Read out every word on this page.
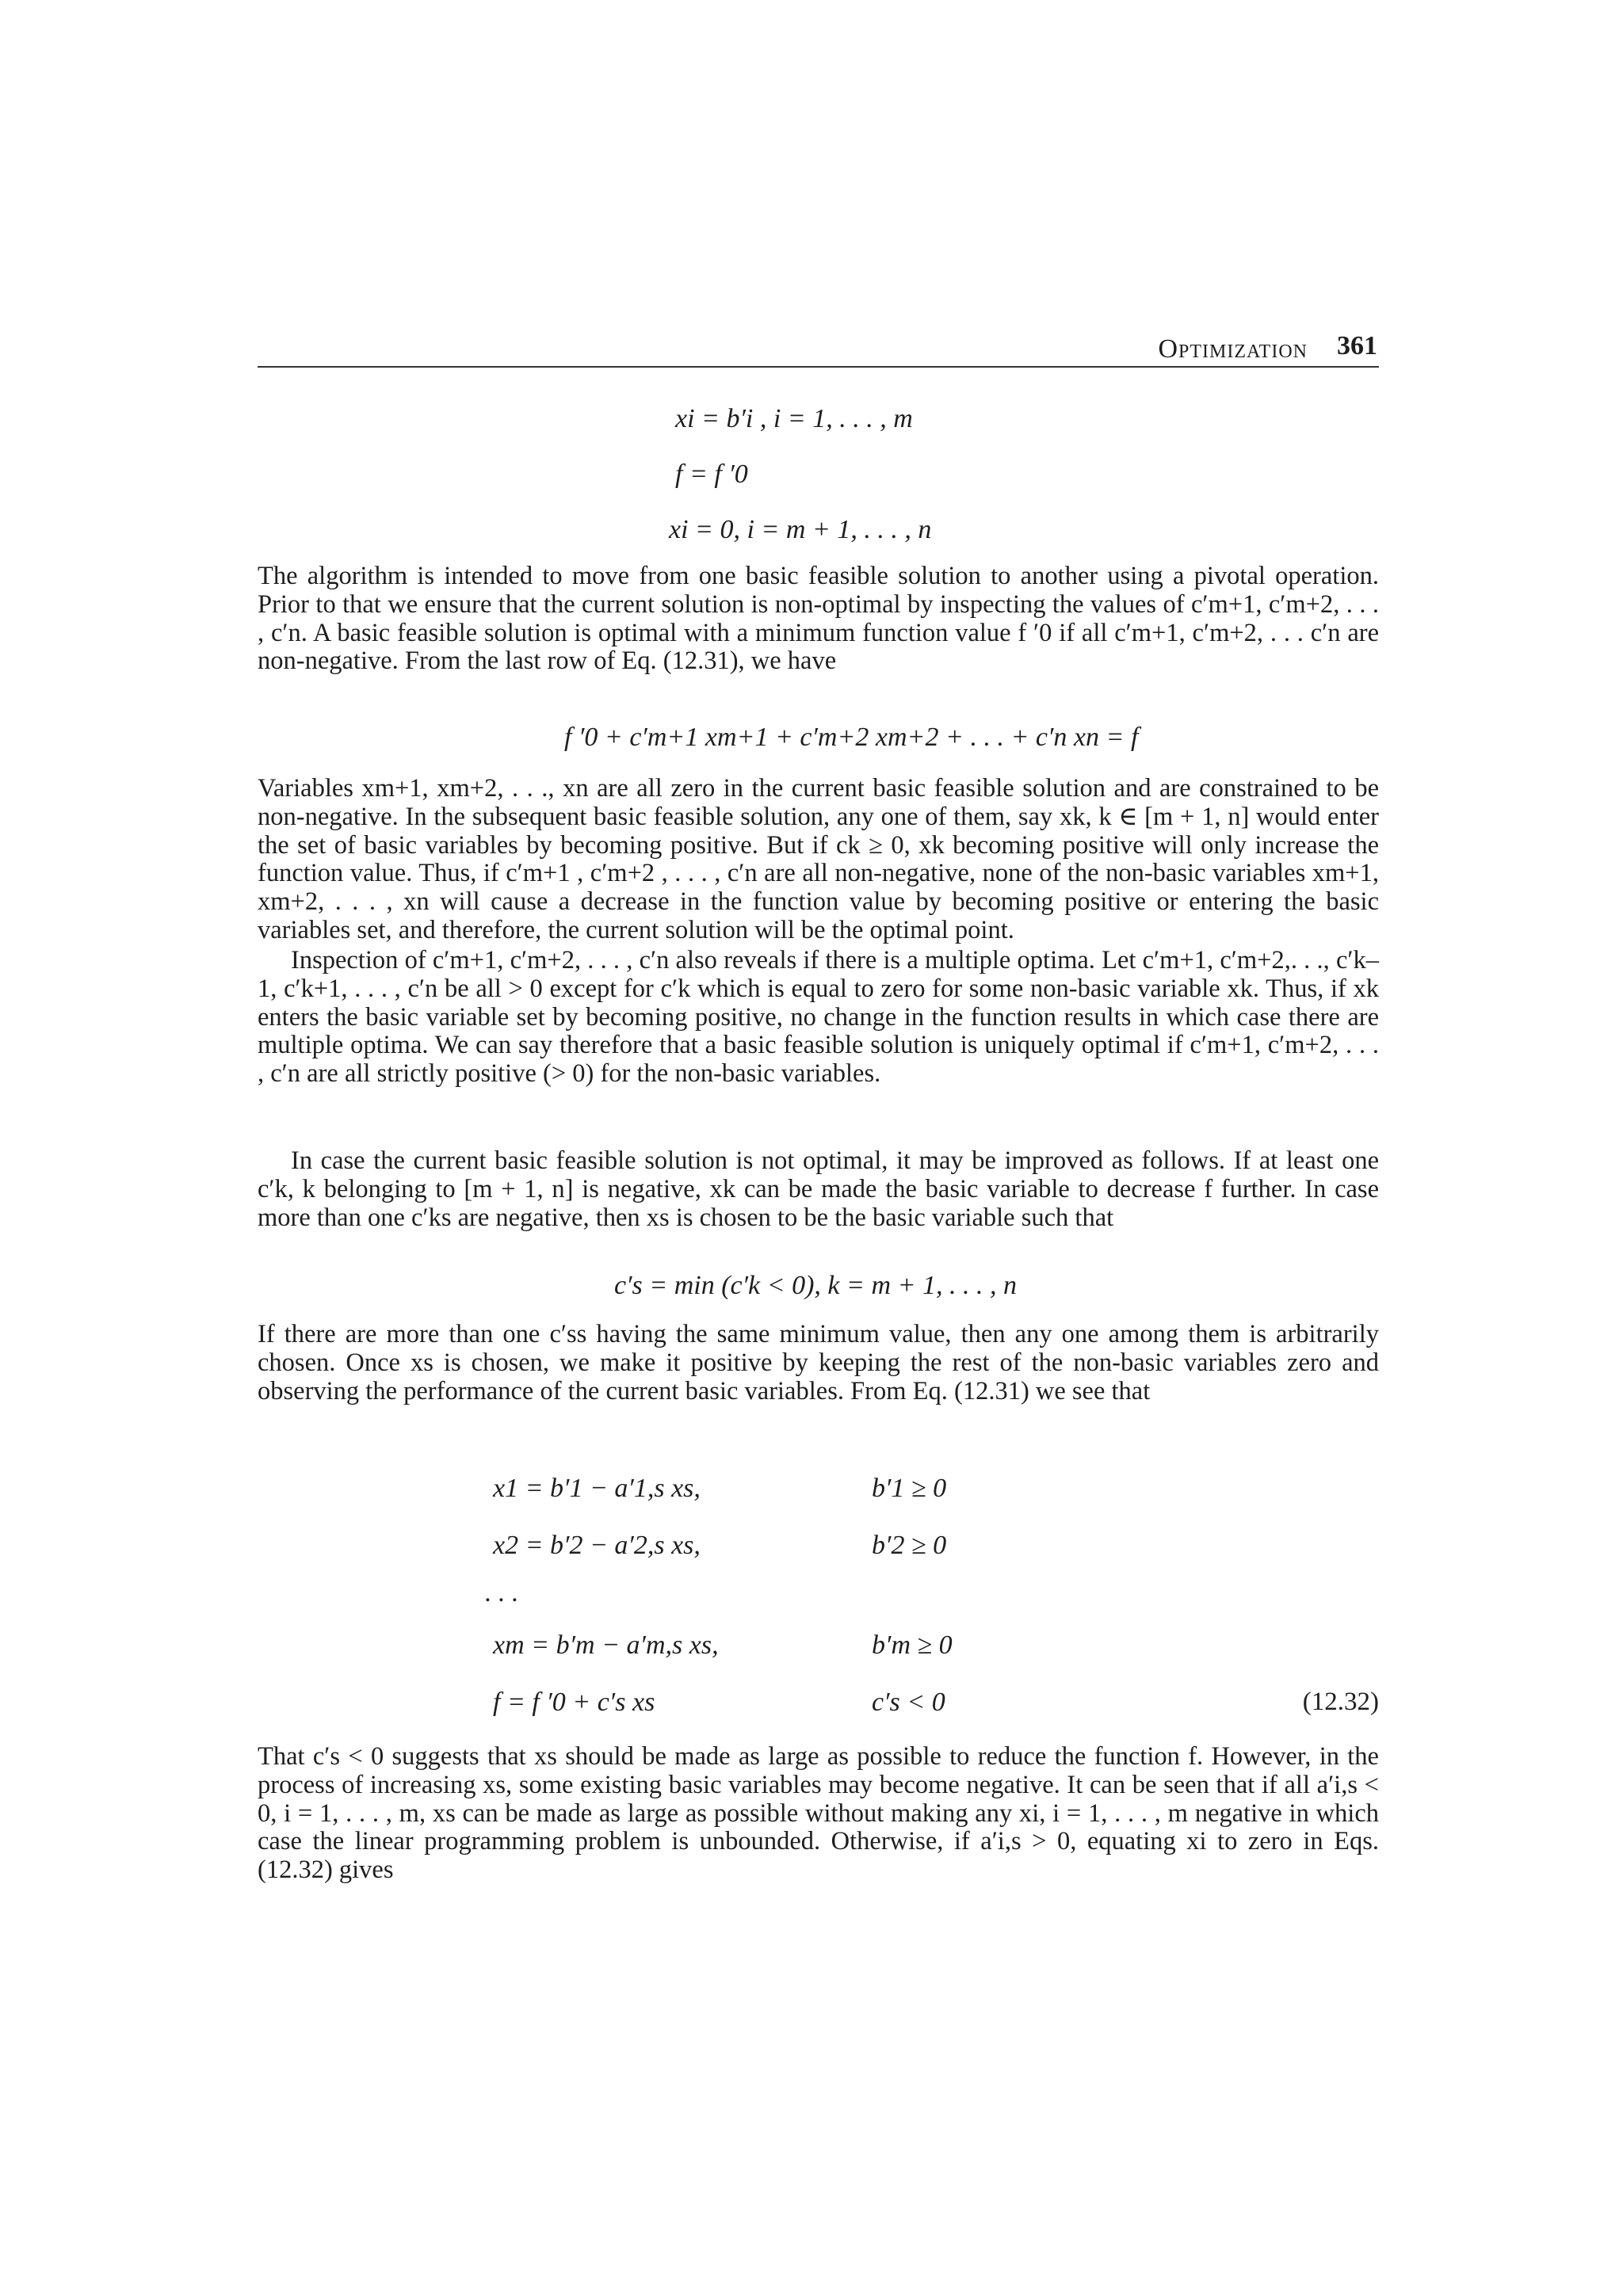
Optimization 361
xi = b′i , i = 1, . . . , m
f = f ′0
xi = 0, i = m + 1, . . . , n

The algorithm is intended to move from one basic feasible solution to another using a pivotal operation. Prior to that we ensure that the current solution is non-optimal by inspecting the values of c′m+1, c′m+2, . . . , c′n. A basic feasible solution is optimal with a minimum function value f ′0 if all c′m+1, c′m+2, . . . c′n are non-negative. From the last row of Eq. (12.31), we have

f ′0 + c′m+1 xm+1 + c′m+2 xm+2 + . . . + c′n xn = f

Variables xm+1, xm+2, . . ., xn are all zero in the current basic feasible solution and are constrained to be non-negative. In the subsequent basic feasible solution, any one of them, say xk, k ∈ [m + 1, n] would enter the set of basic variables by becoming positive. But if ck ≥ 0, xk becoming positive will only increase the function value. Thus, if c′m+1 , c′m+2 , . . . , c′n are all non-negative, none of the non-basic variables xm+1, xm+2, . . . , xn will cause a decrease in the function value by becoming positive or entering the basic variables set, and therefore, the current solution will be the optimal point.

Inspection of c′m+1, c′m+2, . . . , c′n also reveals if there is a multiple optima. Let c′m+1, c′m+2,. . ., c′k–1, c′k+1, . . . , c′n be all > 0 except for c′k which is equal to zero for some non-basic variable xk. Thus, if xk enters the basic variable set by becoming positive, no change in the function results in which case there are multiple optima. We can say therefore that a basic feasible solution is uniquely optimal if c′m+1, c′m+2, . . . , c′n are all strictly positive (> 0) for the non-basic variables.

In case the current basic feasible solution is not optimal, it may be improved as follows. If at least one c′k, k belonging to [m + 1, n] is negative, xk can be made the basic variable to decrease f further. In case more than one c′ks are negative, then xs is chosen to be the basic variable such that

c′s = min (c′k < 0), k = m + 1, . . . , n

If there are more than one c′ss having the same minimum value, then any one among them is arbitrarily chosen. Once xs is chosen, we make it positive by keeping the rest of the non-basic variables zero and observing the performance of the current basic variables. From Eq. (12.31) we see that

x1 = b′1 − a′1,s xs,	b′1 ≥ 0
x2 = b′2 − a′2,s xs,	b′2 ≥ 0
. . .
xm = b′m − a′m,s xs,	b′m ≥ 0
f = f ′0 + c′s xs	c′s < 0	(12.32)

That c′s < 0 suggests that xs should be made as large as possible to reduce the function f. However, in the process of increasing xs, some existing basic variables may become negative. It can be seen that if all a′i,s < 0, i = 1, . . . , m, xs can be made as large as possible without making any xi, i = 1, . . . , m negative in which case the linear programming problem is unbounded. Otherwise, if a′i,s > 0, equating xi to zero in Eqs. (12.32) gives
